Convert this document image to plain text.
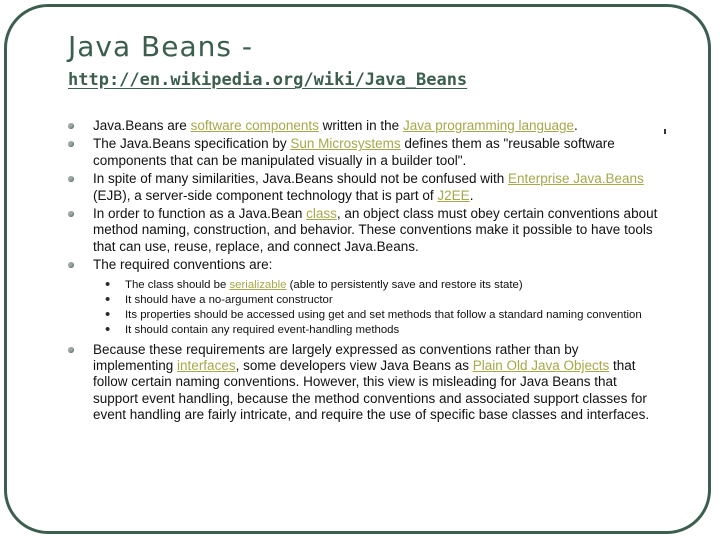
Java Beans -
http://en.wikipedia.org/wiki/Java_Beans
Java.Beans are software components written in the Java programming language.
The Java.Beans specification by Sun Microsystems defines them as "reusable software components that can be manipulated visually in a builder tool".
In spite of many similarities, Java.Beans should not be confused with Enterprise Java.Beans (EJB), a server-side component technology that is part of J2EE.
In order to function as a Java.Bean class, an object class must obey certain conventions about method naming, construction, and behavior. These conventions make it possible to have tools that can use, reuse, replace, and connect Java.Beans.
The required conventions are:
• The class should be serializable (able to persistently save and restore its state)
• It should have a no-argument constructor
• Its properties should be accessed using get and set methods that follow a standard naming convention
• It should contain any required event-handling methods
Because these requirements are largely expressed as conventions rather than by implementing interfaces, some developers view Java Beans as Plain Old Java Objects that follow certain naming conventions. However, this view is misleading for Java Beans that support event handling, because the method conventions and associated support classes for event handling are fairly intricate, and require the use of specific base classes and interfaces.
